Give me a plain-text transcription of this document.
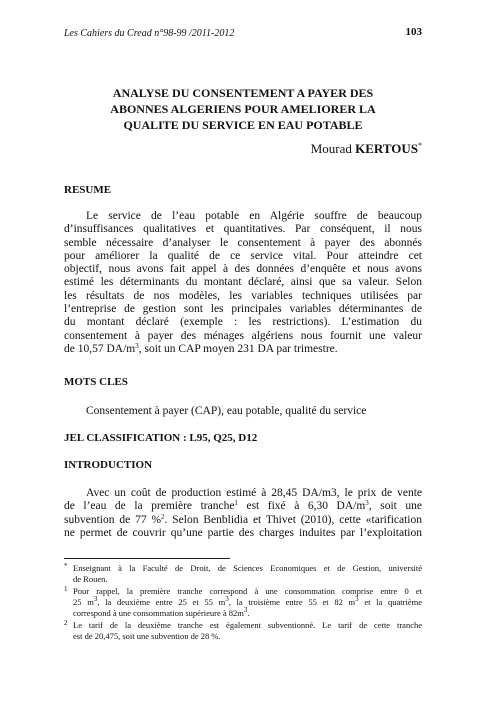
Les Cahiers du Cread n°98-99 /2011-2012	103
ANALYSE DU CONSENTEMENT A PAYER DES
ABONNES ALGERIENS POUR AMELIORER LA
QUALITE DU SERVICE EN EAU POTABLE
Mourad KERTOUS*
RESUME
Le service de l’eau potable en Algérie souffre de beaucoup
d’insuffisances qualitatives et quantitatives. Par conséquent, il nous
semble nécessaire d’analyser le consentement à payer des abonnés
pour améliorer la qualité de ce service vital. Pour atteindre cet
objectif, nous avons fait appel à des données d’enquête et nous avons
estimé les déterminants du montant déclaré, ainsi que sa valeur. Selon
les résultats de nos modèles, les variables techniques utilisées par
l’entreprise de gestion sont les principales variables déterminantes de
du montant déclaré (exemple : les restrictions). L’estimation du
consentement à payer des ménages algériens nous fournit une valeur
de 10,57 DA/m$^3$, soit un CAP moyen 231 DA par trimestre.
MOTS CLES
Consentement à payer (CAP), eau potable, qualité du service
JEL CLASSIFICATION : L95, Q25, D12
INTRODUCTION
Avec un coût de production estimé à 28,45 DA/m3, le prix de vente
de l’eau de la première tranche$^1$ est fixé à 6,30 DA/m$^3$, soit une
subvention de 77 %$^2$. Selon Benblidia et Thivet (2010), cette «tarification
ne permet de couvrir qu’une partie des charges induites par l’exploitation
* Enseignant à la Faculté de Droit, de Sciences Economiques et de Gestion, université
de Rouen.
1 Pour rappel, la première tranche correspond à une consommation comprise entre 0 et
25 m$^3$, la deuxième entre 25 et 55 m$^3$, la troisième entre 55 et 82 m$^3$ et la quatrième
correspond à une consommation supérieure à 82m$^3$.
2 Le tarif de la deuxième tranche est également subventionné. Le tarif de cette tranche
est de 20,475, soit une subvention de 28 %.
